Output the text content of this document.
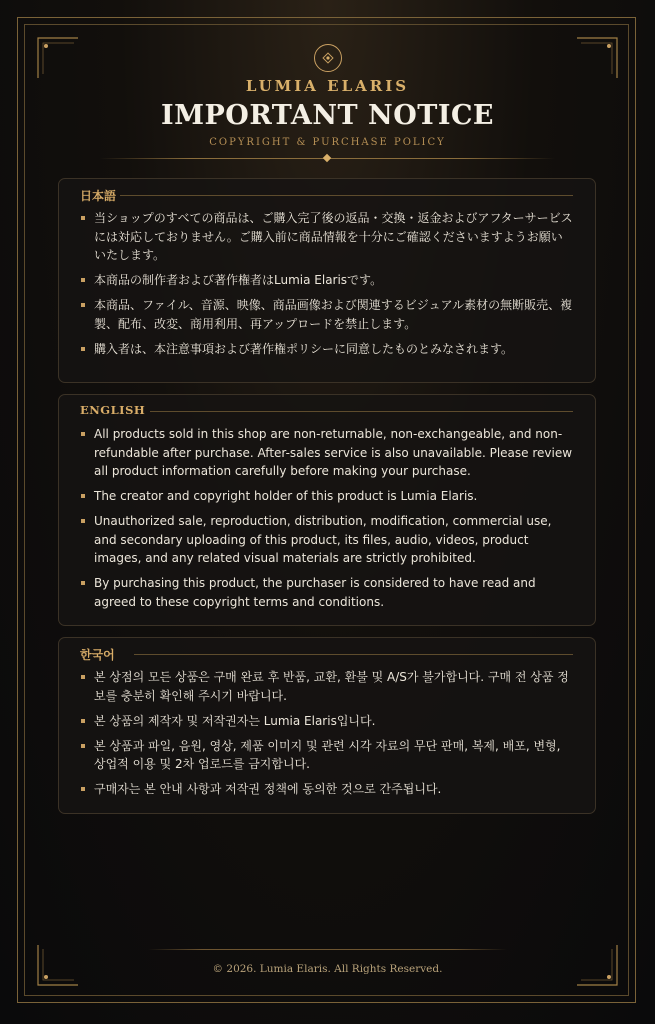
LUMIA ELARIS
IMPORTANT NOTICE
COPYRIGHT & PURCHASE POLICY
日本語
当ショップのすべての商品は、ご購入完了後の返品・交換・返金およびアフターサービスには対応しておりません。ご購入前に商品情報を十分にご確認くださいますようお願いいたします。
本商品の制作者および著作権者はLumia Elarisです。
本商品、ファイル、音源、映像、商品画像および関連するビジュアル素材の無断販売、複製、配布、改変、商用利用、再アップロードを禁止します。
購入者は、本注意事項および著作権ポリシーに同意したものとみなされます。
ENGLISH
All products sold in this shop are non-returnable, non-exchangeable, and non-refundable after purchase. After-sales service is also unavailable. Please review all product information carefully before making your purchase.
The creator and copyright holder of this product is Lumia Elaris.
Unauthorized sale, reproduction, distribution, modification, commercial use, and secondary uploading of this product, its files, audio, videos, product images, and any related visual materials are strictly prohibited.
By purchasing this product, the purchaser is considered to have read and agreed to these copyright terms and conditions.
한국어
본 상점의 모든 상품은 구매 완료 후 반품, 교환, 환불 및 A/S가 불가합니다. 구매 전 상품 정보를 충분히 확인해 주시기 바랍니다.
본 상품의 제작자 및 저작권자는 Lumia Elaris입니다.
본 상품과 파일, 음원, 영상, 제품 이미지 및 관련 시각 자료의 무단 판매, 복제, 배포, 변형, 상업적 이용 및 2차 업로드를 금지합니다.
구매자는 본 안내 사항과 저작권 정책에 동의한 것으로 간주됩니다.
© 2026. Lumia Elaris. All Rights Reserved.
